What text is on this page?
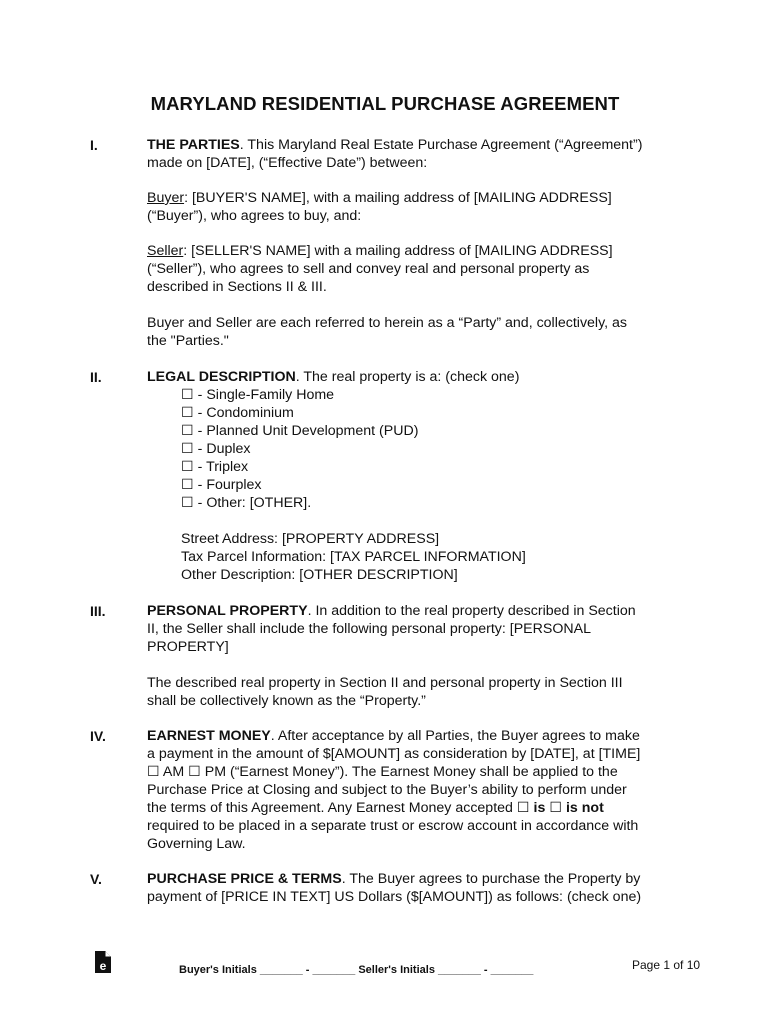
MARYLAND RESIDENTIAL PURCHASE AGREEMENT
I.	THE PARTIES. This Maryland Real Estate Purchase Agreement (“Agreement”)
made on [DATE], (“Effective Date”) between:
Buyer: [BUYER'S NAME], with a mailing address of [MAILING ADDRESS]
(“Buyer”), who agrees to buy, and:
Seller: [SELLER'S NAME] with a mailing address of [MAILING ADDRESS]
(“Seller”), who agrees to sell and convey real and personal property as
described in Sections II & III.
Buyer and Seller are each referred to herein as a “Party” and, collectively, as
the "Parties."
II.	LEGAL DESCRIPTION. The real property is a: (check one)
☐ - Single-Family Home
☐ - Condominium
☐ - Planned Unit Development (PUD)
☐ - Duplex
☐ - Triplex
☐ - Fourplex
☐ - Other: [OTHER].
Street Address: [PROPERTY ADDRESS]
Tax Parcel Information: [TAX PARCEL INFORMATION]
Other Description: [OTHER DESCRIPTION]
III.	PERSONAL PROPERTY. In addition to the real property described in Section
II, the Seller shall include the following personal property: [PERSONAL
PROPERTY]
The described real property in Section II and personal property in Section III
shall be collectively known as the “Property.”
IV.	EARNEST MONEY. After acceptance by all Parties, the Buyer agrees to make
a payment in the amount of $[AMOUNT] as consideration by [DATE], at [TIME]
☐ AM ☐ PM (“Earnest Money”). The Earnest Money shall be applied to the
Purchase Price at Closing and subject to the Buyer’s ability to perform under
the terms of this Agreement. Any Earnest Money accepted ☐ is ☐ is not
required to be placed in a separate trust or escrow account in accordance with
Governing Law.
V.	PURCHASE PRICE & TERMS. The Buyer agrees to purchase the Property by
payment of [PRICE IN TEXT] US Dollars ($[AMOUNT]) as follows: (check one)
e	Buyer's Initials _______ - _______ Seller's Initials _______ - _______	Page 1 of 10
